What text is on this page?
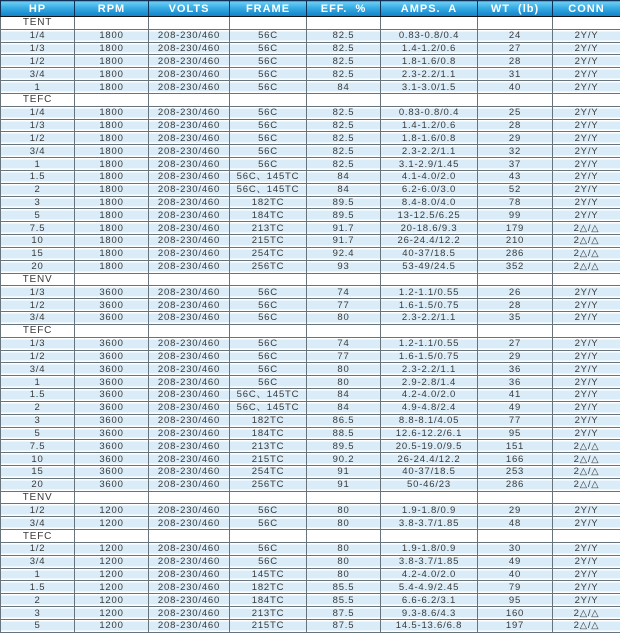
HP	RPM	VOLTS	FRAME	EFF.  %	AMPS.  A	WT  (lb)	CONN
TENT							
1/4	1800	208-230/460	56C	82.5	0.83-0.8/0.4	24	2Y/Y
1/3	1800	208-230/460	56C	82.5	1.4-1.2/0.6	27	2Y/Y
1/2	1800	208-230/460	56C	82.5	1.8-1.6/0.8	28	2Y/Y
3/4	1800	208-230/460	56C	82.5	2.3-2.2/1.1	31	2Y/Y
1	1800	208-230/460	56C	84	3.1-3.0/1.5	40	2Y/Y
TEFC							
1/4	1800	208-230/460	56C	82.5	0.83-0.8/0.4	25	2Y/Y
1/3	1800	208-230/460	56C	82.5	1.4-1.2/0.6	28	2Y/Y
1/2	1800	208-230/460	56C	82.5	1.8-1.6/0.8	29	2Y/Y
3/4	1800	208-230/460	56C	82.5	2.3-2.2/1.1	32	2Y/Y
1	1800	208-230/460	56C	82.5	3.1-2.9/1.45	37	2Y/Y
1.5	1800	208-230/460	56C、145TC	84	4.1-4.0/2.0	43	2Y/Y
2	1800	208-230/460	56C、145TC	84	6.2-6.0/3.0	52	2Y/Y
3	1800	208-230/460	182TC	89.5	8.4-8.0/4.0	78	2Y/Y
5	1800	208-230/460	184TC	89.5	13-12.5/6.25	99	2Y/Y
7.5	1800	208-230/460	213TC	91.7	20-18.6/9.3	179	2△/△
10	1800	208-230/460	215TC	91.7	26-24.4/12.2	210	2△/△
15	1800	208-230/460	254TC	92.4	40-37/18.5	286	2△/△
20	1800	208-230/460	256TC	93	53-49/24.5	352	2△/△
TENV							
1/3	3600	208-230/460	56C	74	1.2-1.1/0.55	26	2Y/Y
1/2	3600	208-230/460	56C	77	1.6-1.5/0.75	28	2Y/Y
3/4	3600	208-230/460	56C	80	2.3-2.2/1.1	35	2Y/Y
TEFC							
1/3	3600	208-230/460	56C	74	1.2-1.1/0.55	27	2Y/Y
1/2	3600	208-230/460	56C	77	1.6-1.5/0.75	29	2Y/Y
3/4	3600	208-230/460	56C	80	2.3-2.2/1.1	36	2Y/Y
1	3600	208-230/460	56C	80	2.9-2.8/1.4	36	2Y/Y
1.5	3600	208-230/460	56C、145TC	84	4.2-4.0/2.0	41	2Y/Y
2	3600	208-230/460	56C、145TC	84	4.9-4.8/2.4	49	2Y/Y
3	3600	208-230/460	182TC	86.5	8.8-8.1/4.05	77	2Y/Y
5	3600	208-230/460	184TC	88.5	12.6-12.2/6.1	95	2Y/Y
7.5	3600	208-230/460	213TC	89.5	20.5-19.0/9.5	151	2△/△
10	3600	208-230/460	215TC	90.2	26-24.4/12.2	166	2△/△
15	3600	208-230/460	254TC	91	40-37/18.5	253	2△/△
20	3600	208-230/460	256TC	91	50-46/23	286	2△/△
TENV							
1/2	1200	208-230/460	56C	80	1.9-1.8/0.9	29	2Y/Y
3/4	1200	208-230/460	56C	80	3.8-3.7/1.85	48	2Y/Y
TEFC							
1/2	1200	208-230/460	56C	80	1.9-1.8/0.9	30	2Y/Y
3/4	1200	208-230/460	56C	80	3.8-3.7/1.85	49	2Y/Y
1	1200	208-230/460	145TC	80	4.2-4.0/2.0	40	2Y/Y
1.5	1200	208-230/460	182TC	85.5	5.4-4.9/2.45	79	2Y/Y
2	1200	208-230/460	184TC	85.5	6.6-6.2/3.1	95	2Y/Y
3	1200	208-230/460	213TC	87.5	9.3-8.6/4.3	160	2△/△
5	1200	208-230/460	215TC	87.5	14.5-13.6/6.8	197	2△/△
